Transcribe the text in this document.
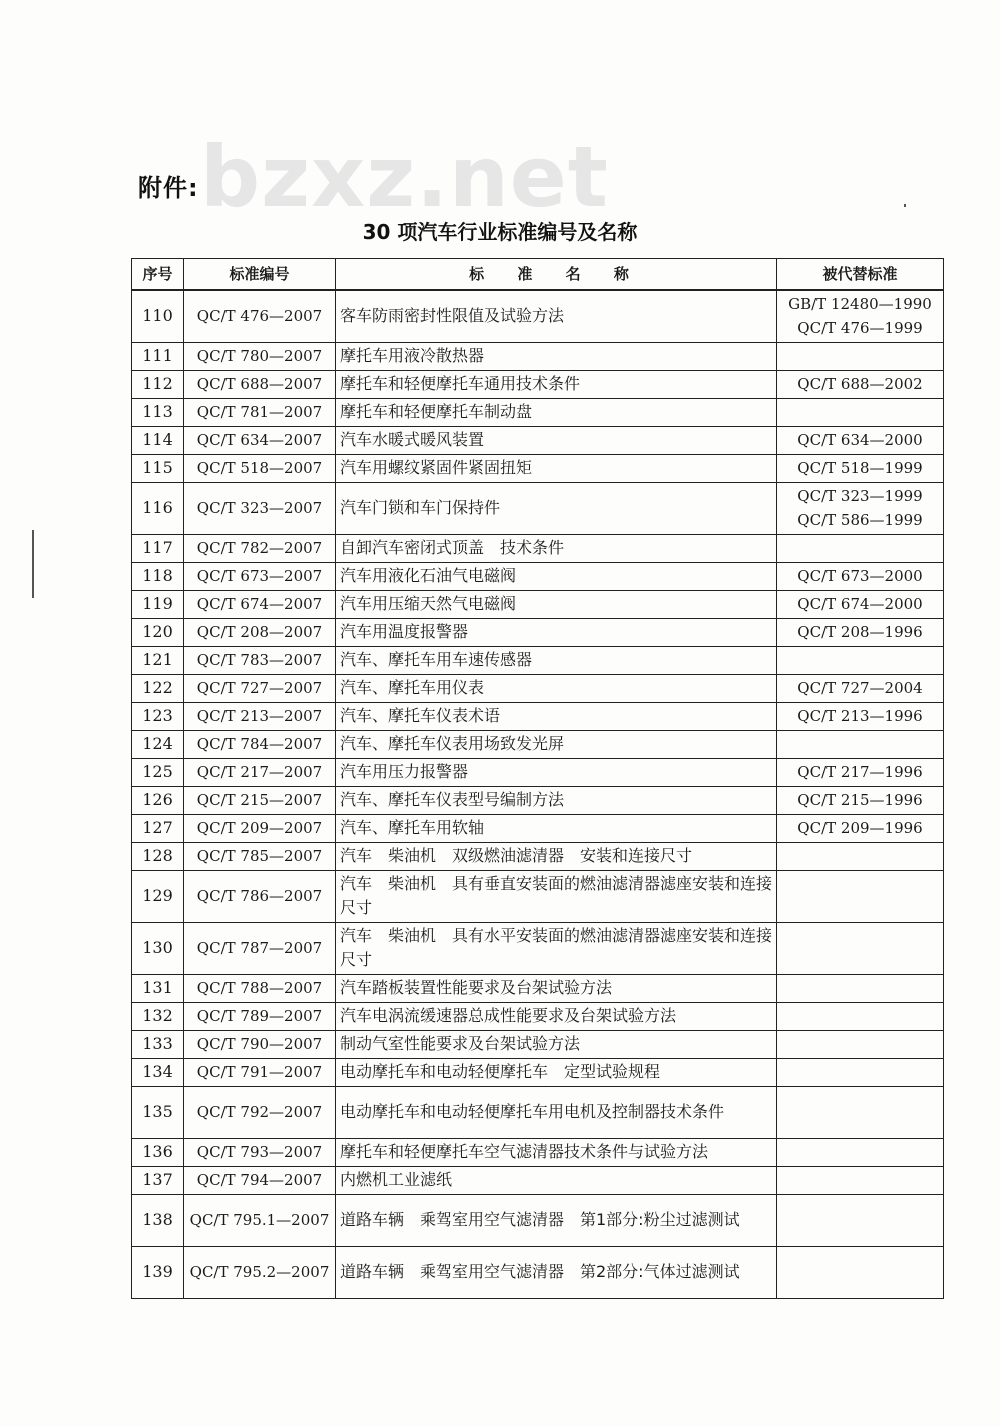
bzxz.net
附件:
30 项汽车行业标准编号及名称
序号	标准编号	标 准 名 称	被代替标准
110	QC/T 476—2007	客车防雨密封性限值及试验方法	GB/T 12480—1990
QC/T 476—1999

111	QC/T 780—2007	摩托车用液冷散热器	
112	QC/T 688—2007	摩托车和轻便摩托车通用技术条件	QC/T 688—2002

113	QC/T 781—2007	摩托车和轻便摩托车制动盘	
114	QC/T 634—2007	汽车水暖式暖风装置	QC/T 634—2000

115	QC/T 518—2007	汽车用螺纹紧固件紧固扭矩	QC/T 518—1999

116	QC/T 323—2007	汽车门锁和车门保持件	QC/T 323—1999
QC/T 586—1999

117	QC/T 782—2007	自卸汽车密闭式顶盖　技术条件	
118	QC/T 673—2007	汽车用液化石油气电磁阀	QC/T 673—2000

119	QC/T 674—2007	汽车用压缩天然气电磁阀	QC/T 674—2000

120	QC/T 208—2007	汽车用温度报警器	QC/T 208—1996

121	QC/T 783—2007	汽车、摩托车用车速传感器	
122	QC/T 727—2007	汽车、摩托车用仪表	QC/T 727—2004

123	QC/T 213—2007	汽车、摩托车仪表术语	QC/T 213—1996

124	QC/T 784—2007	汽车、摩托车仪表用场致发光屏	
125	QC/T 217—2007	汽车用压力报警器	QC/T 217—1996

126	QC/T 215—2007	汽车、摩托车仪表型号编制方法	QC/T 215—1996

127	QC/T 209—2007	汽车、摩托车用软轴	QC/T 209—1996

128	QC/T 785—2007	汽车　柴油机　双级燃油滤清器　安装和连接尺寸	
129	QC/T 786—2007	汽车　柴油机　具有垂直安装面的燃油滤清器滤座安装和连接尺寸	
130	QC/T 787—2007	汽车　柴油机　具有水平安装面的燃油滤清器滤座安装和连接尺寸	
131	QC/T 788—2007	汽车踏板装置性能要求及台架试验方法	
132	QC/T 789—2007	汽车电涡流缓速器总成性能要求及台架试验方法	
133	QC/T 790—2007	制动气室性能要求及台架试验方法	
134	QC/T 791—2007	电动摩托车和电动轻便摩托车　定型试验规程	
135	QC/T 792—2007	电动摩托车和电动轻便摩托车用电机及控制器技术条件	
136	QC/T 793—2007	摩托车和轻便摩托车空气滤清器技术条件与试验方法	
137	QC/T 794—2007	内燃机工业滤纸	
138	QC/T 795.1—2007	道路车辆　乘驾室用空气滤清器　第1部分:粉尘过滤测试	
139	QC/T 795.2—2007	道路车辆　乘驾室用空气滤清器　第2部分:气体过滤测试	
